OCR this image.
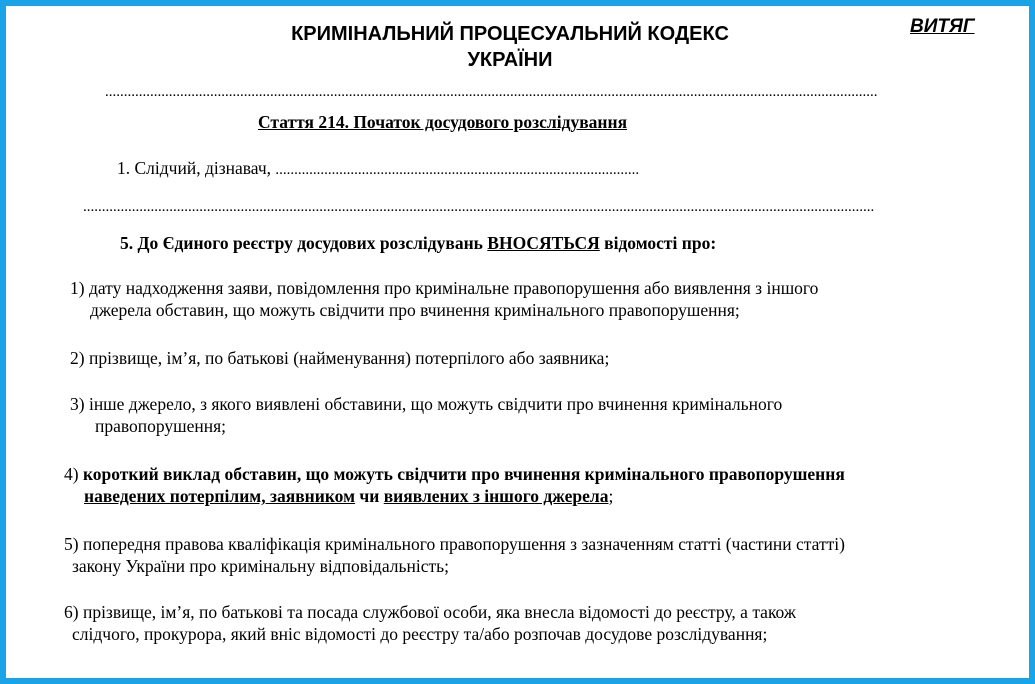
КРИМІНАЛЬНИЙ ПРОЦЕСУАЛЬНИЙ КОДЕКС
УКРАЇНИ
ВИТЯГ
..............................................................................................................................................................................................................
Стаття 214. Початок досудового розслідування
1. Слідчий, дізнавач, .................................................................................................
...................................................................................................................................................................................................................
5. До Єдиного реєстру досудових розслідувань ВНОСЯТЬСЯ відомості про:
1) дату надходження заяви, повідомлення про кримінальне правопорушення або виявлення з іншого
джерела обставин, що можуть свідчити про вчинення кримінального правопорушення;
2) прізвище, ім’я, по батькові (найменування) потерпілого або заявника;
3) інше джерело, з якого виявлені обставини, що можуть свідчити про вчинення кримінального
правопорушення;
4) короткий виклад обставин, що можуть свідчити про вчинення кримінального правопорушення
наведених потерпілим, заявником чи виявлених з іншого джерела;
5) попередня правова кваліфікація кримінального правопорушення з зазначенням статті (частини статті)
закону України про кримінальну відповідальність;
6) прізвище, ім’я, по батькові та посада службової особи, яка внесла відомості до реєстру, а також
слідчого, прокурора, який вніс відомості до реєстру та/або розпочав досудове розслідування;
